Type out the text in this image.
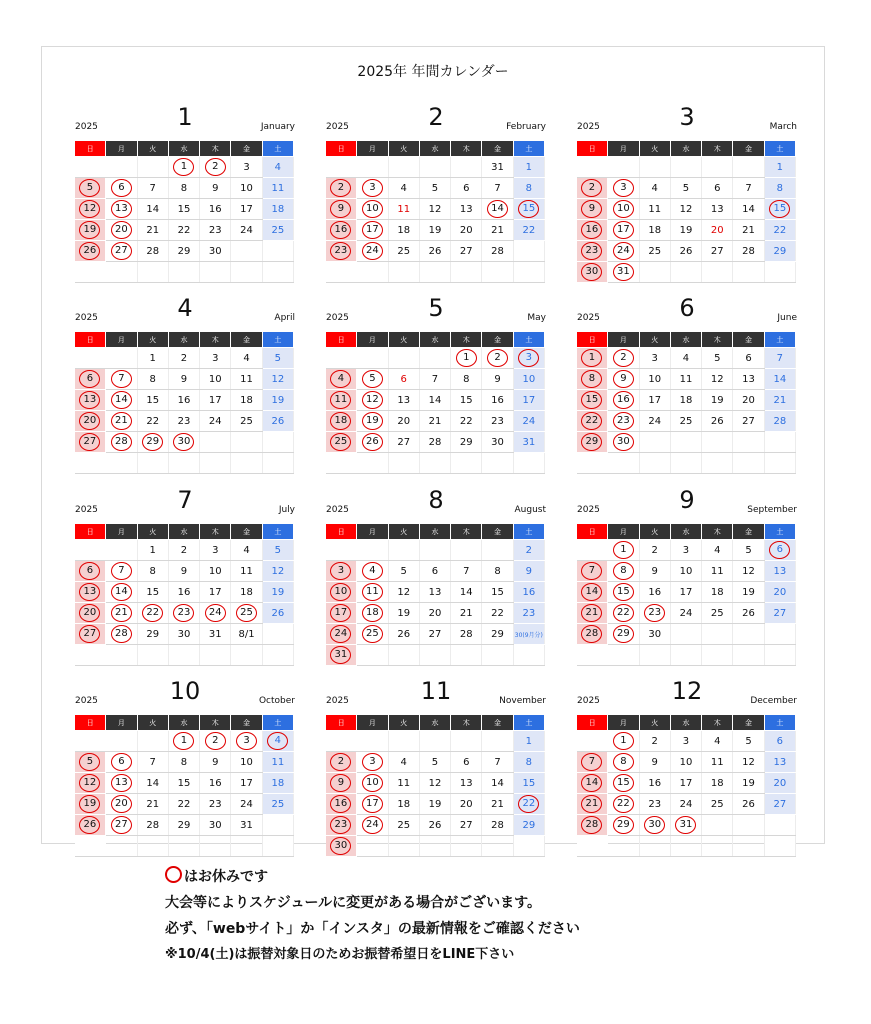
2025年 年間カレンダー
2025	1	January
日	月	火	水	木	金	土
			1	2	3	4
5	6	7	8	9	10	11
12	13	14	15	16	17	18
19	20	21	22	23	24	25
26	27	28	29	30		

2025	2	February
日	月	火	水	木	金	土
					31	1
2	3	4	5	6	7	8
9	10	11	12	13	14	15
16	17	18	19	20	21	22
23	24	25	26	27	28	

2025	3	March
日	月	火	水	木	金	土
						1
2	3	4	5	6	7	8
9	10	11	12	13	14	15
16	17	18	19	20	21	22
23	24	25	26	27	28	29
30	31					
2025	4	April
日	月	火	水	木	金	土
		1	2	3	4	5
6	7	8	9	10	11	12
13	14	15	16	17	18	19
20	21	22	23	24	25	26
27	28	29	30			

2025	5	May
日	月	火	水	木	金	土
				1	2	3
4	5	6	7	8	9	10
11	12	13	14	15	16	17
18	19	20	21	22	23	24
25	26	27	28	29	30	31

2025	6	June
日	月	火	水	木	金	土
1	2	3	4	5	6	7
8	9	10	11	12	13	14
15	16	17	18	19	20	21
22	23	24	25	26	27	28
29	30					

2025	7	July
日	月	火	水	木	金	土
		1	2	3	4	5
6	7	8	9	10	11	12
13	14	15	16	17	18	19
20	21	22	23	24	25	26
27	28	29	30	31	8/1	

2025	8	August
日	月	火	水	木	金	土
						2
3	4	5	6	7	8	9
10	11	12	13	14	15	16
17	18	19	20	21	22	23
24	25	26	27	28	29	30(9月分)
31						
2025	9	September
日	月	火	水	木	金	土
	1	2	3	4	5	6
7	8	9	10	11	12	13
14	15	16	17	18	19	20
21	22	23	24	25	26	27
28	29	30				

2025	10	October
日	月	火	水	木	金	土
			1	2	3	4
5	6	7	8	9	10	11
12	13	14	15	16	17	18
19	20	21	22	23	24	25
26	27	28	29	30	31	

2025	11	November
日	月	火	水	木	金	土
						1
2	3	4	5	6	7	8
9	10	11	12	13	14	15
16	17	18	19	20	21	22
23	24	25	26	27	28	29
30						
2025	12	December
日	月	火	水	木	金	土
	1	2	3	4	5	6
7	8	9	10	11	12	13
14	15	16	17	18	19	20
21	22	23	24	25	26	27
28	29	30	31			

はお休みです
大会等によりスケジュールに変更がある場合がございます。
必ず、「webサイト」か「インスタ」の最新情報をご確認ください
※10/4(土)は振替対象日のためお振替希望日をLINE下さい
